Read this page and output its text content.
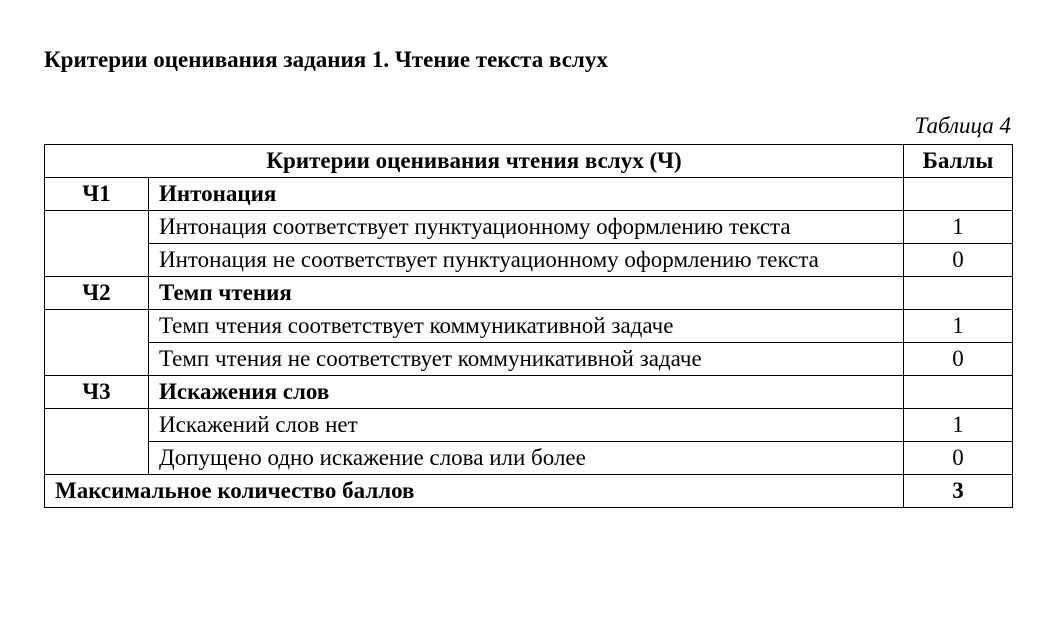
Критерии оценивания задания 1. Чтение текста вслух
Таблица 4
Критерии оценивания чтения вслух (Ч)		Баллы
Ч1	Интонация	
	Интонация соответствует пунктуационному оформлению текста	1
	Интонация не соответствует пунктуационному оформлению текста	0
Ч2	Темп чтения	
	Темп чтения соответствует коммуникативной задаче	1
	Темп чтения не соответствует коммуникативной задаче	0
Ч3	Искажения слов	
	Искажений слов нет	1
	Допущено одно искажение слова или более	0
Максимальное количество баллов		3
